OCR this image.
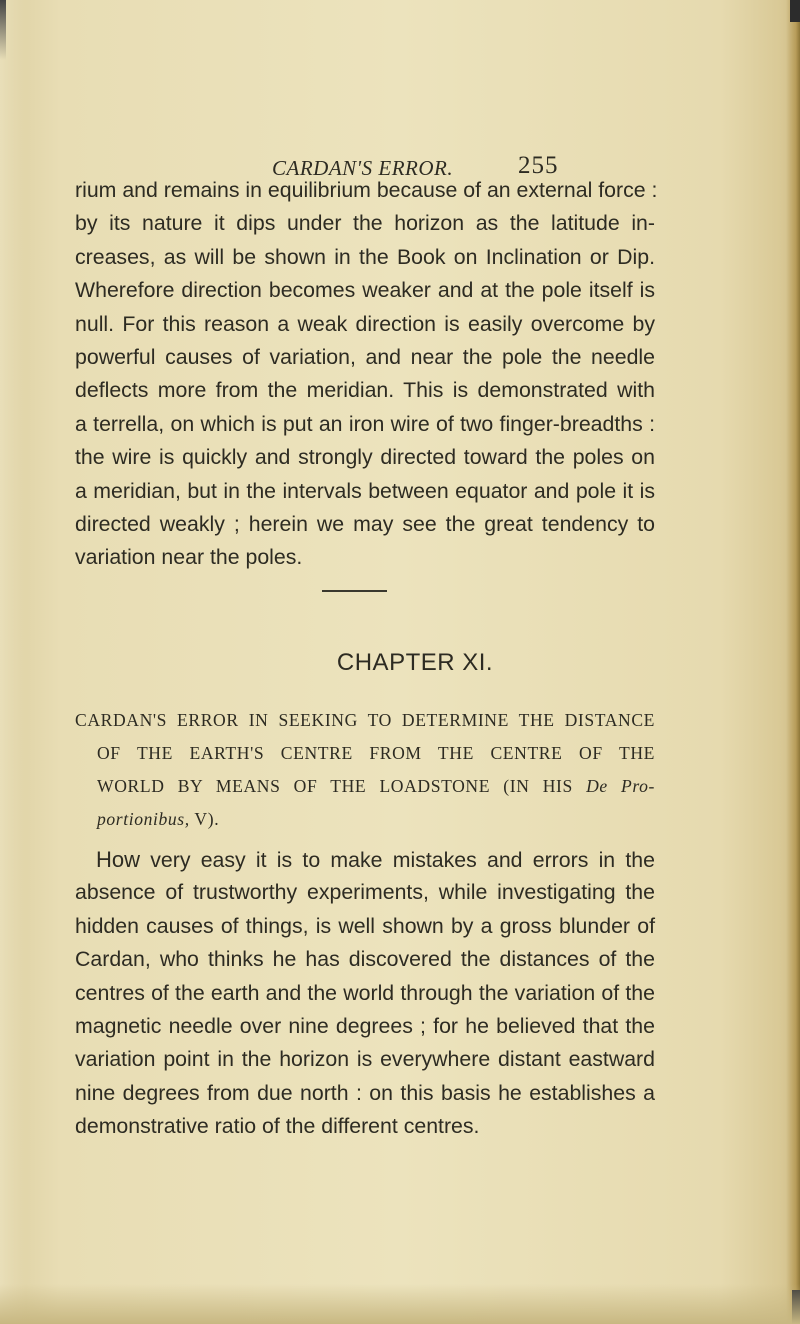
CARDAN'S ERROR.	255
rium and remains in equilibrium because of an external force :
by its nature it dips under the horizon as the latitude in-
creases, as will be shown in the Book on Inclination or Dip.
Wherefore direction becomes weaker and at the pole itself is
null. For this reason a weak direction is easily overcome by
powerful causes of variation, and near the pole the needle
deflects more from the meridian. This is demonstrated with
a terrella, on which is put an iron wire of two finger-breadths :
the wire is quickly and strongly directed toward the poles on
a meridian, but in the intervals between equator and pole it is
directed weakly ; herein we may see the great tendency to
variation near the poles.
CHAPTER XI.
CARDAN'S ERROR IN SEEKING TO DETERMINE THE DISTANCE
OF THE EARTH'S CENTRE FROM THE CENTRE OF THE
WORLD BY MEANS OF THE LOADSTONE (IN HIS De Pro-
portionibus, V).
How very easy it is to make mistakes and errors in the
absence of trustworthy experiments, while investigating the
hidden causes of things, is well shown by a gross blunder of
Cardan, who thinks he has discovered the distances of the
centres of the earth and the world through the variation of the
magnetic needle over nine degrees ; for he believed that the
variation point in the horizon is everywhere distant eastward
nine degrees from due north : on this basis he establishes a
demonstrative ratio of the different centres.
